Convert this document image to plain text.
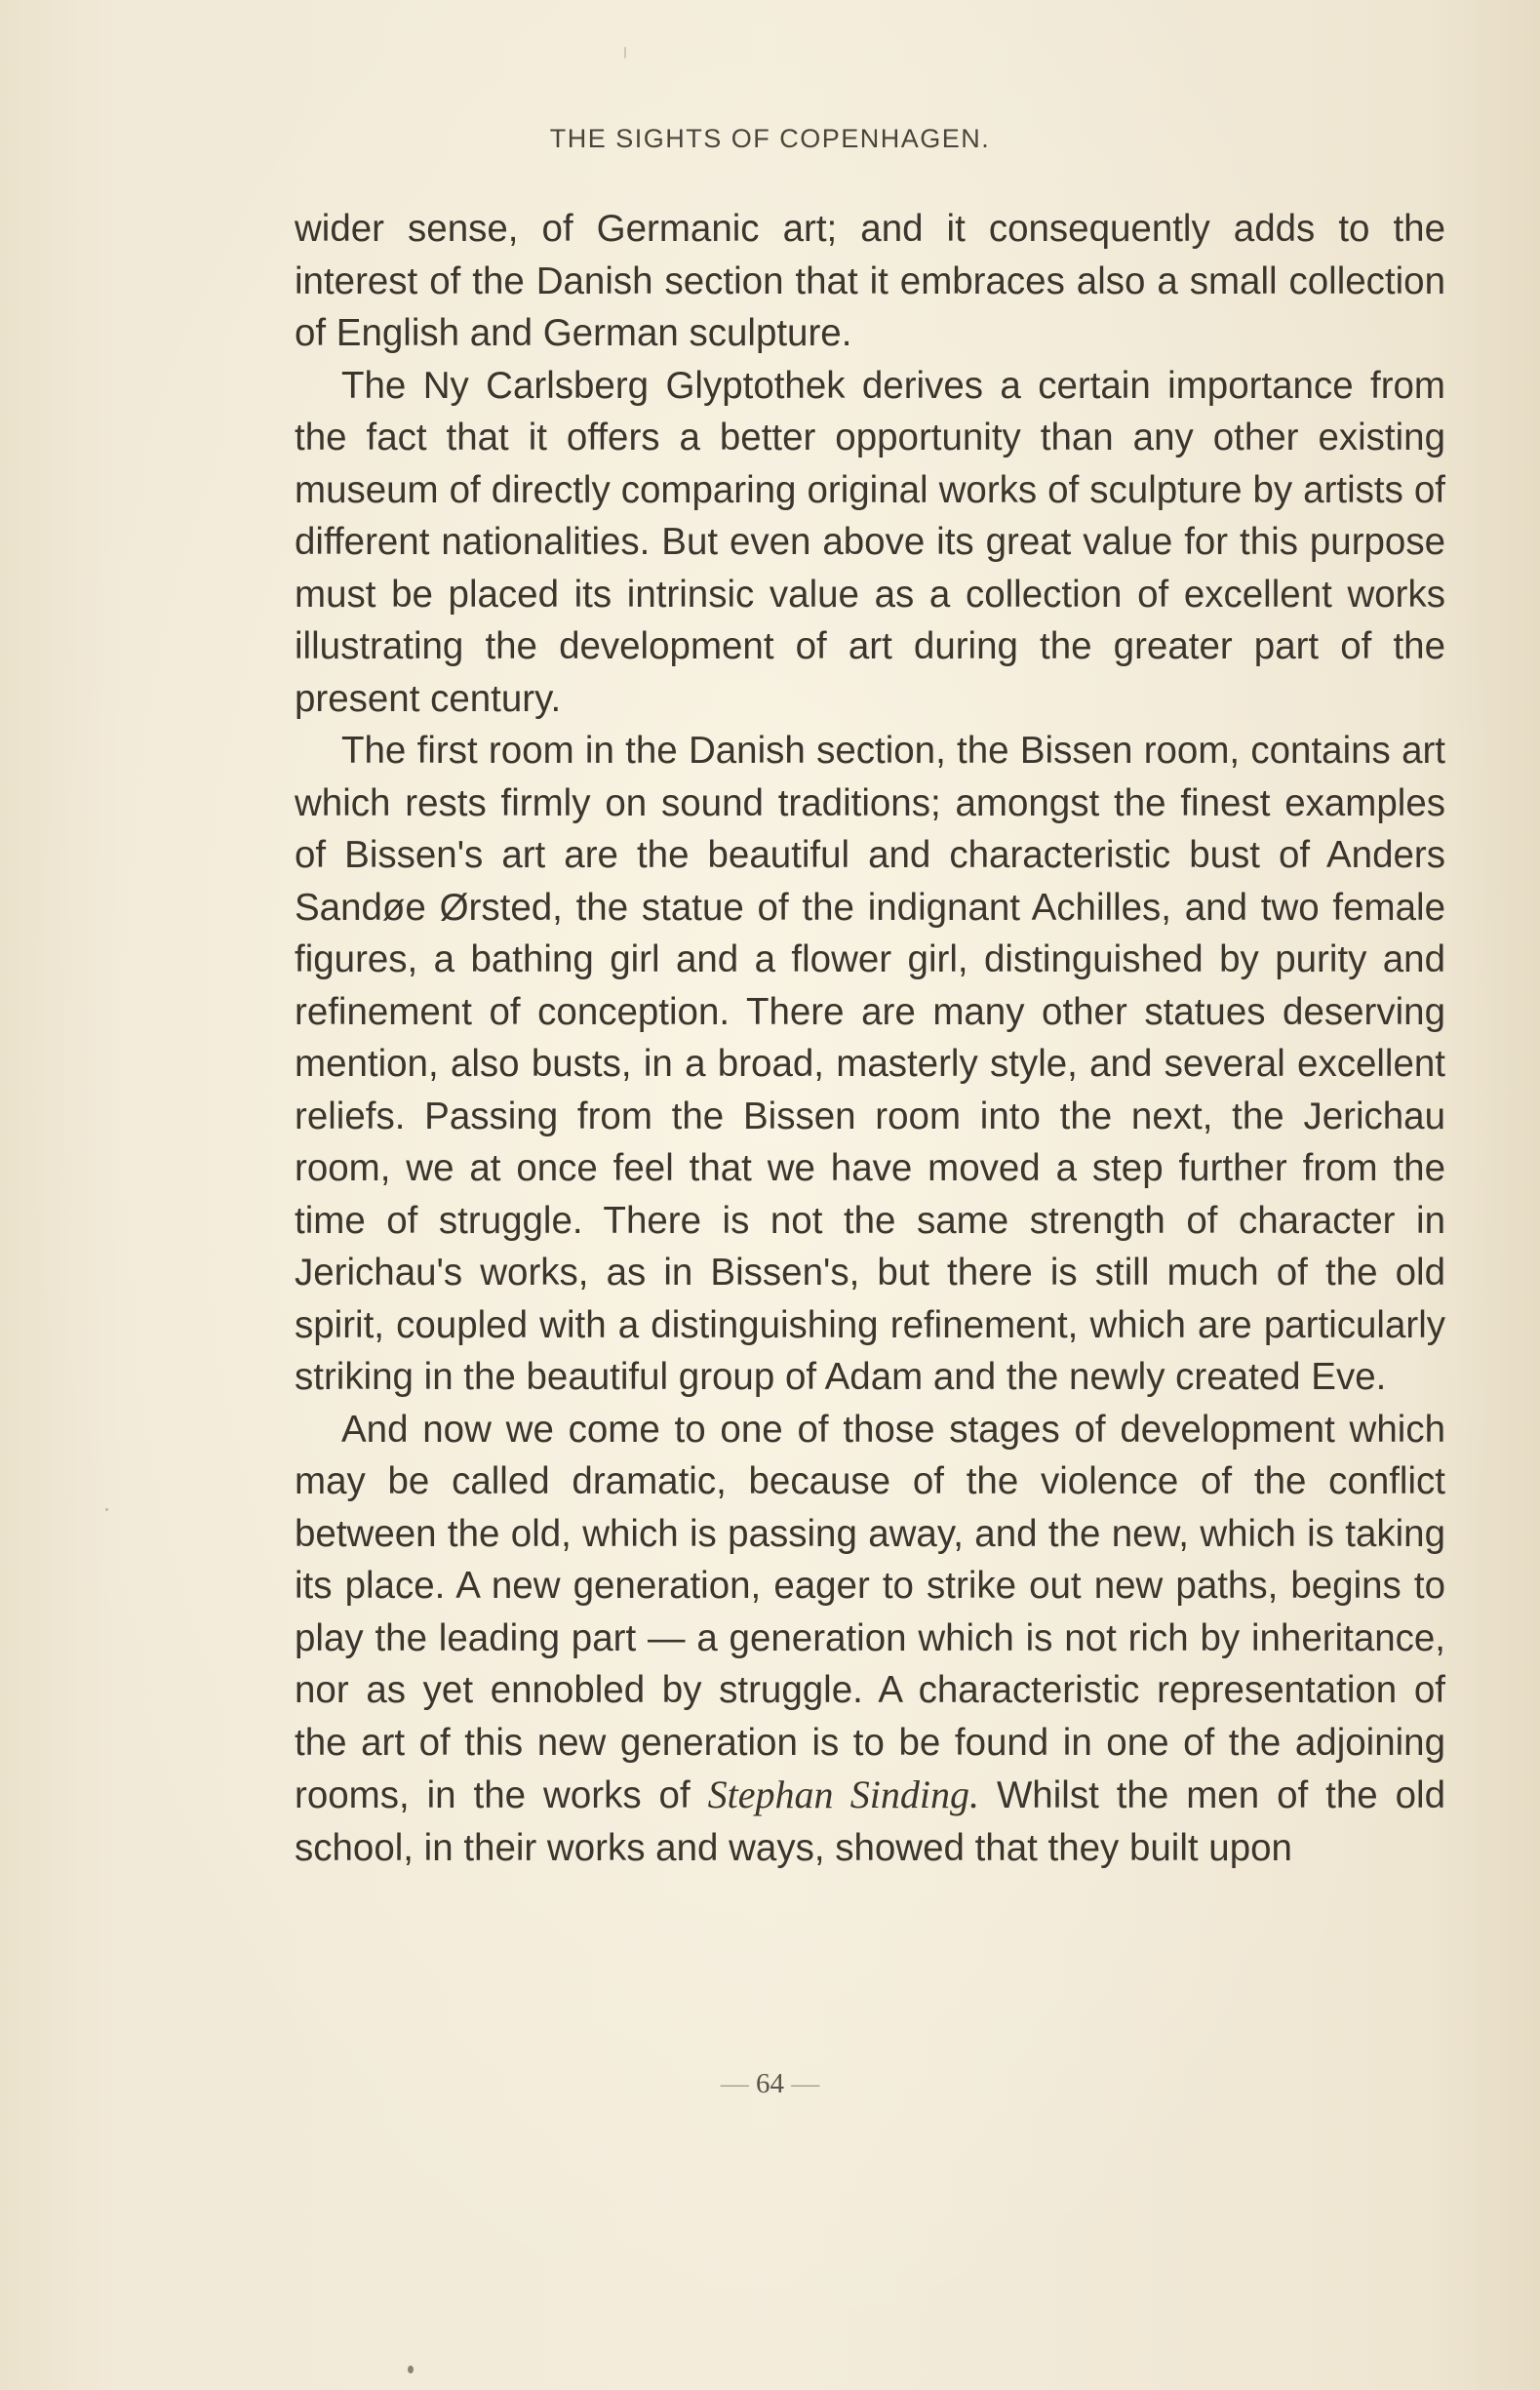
THE SIGHTS OF COPENHAGEN.

wider sense, of Germanic art; and it consequently adds to the interest of the Danish section that it embraces also a small collection of English and German sculpture.

The Ny Carlsberg Glyptothek derives a certain importance from the fact that it offers a better opportunity than any other existing museum of directly comparing original works of sculpture by artists of different nationalities. But even above its great value for this purpose must be placed its intrinsic value as a collection of excellent works illustrating the development of art during the greater part of the present century.

The first room in the Danish section, the Bissen room, contains art which rests firmly on sound traditions; amongst the finest examples of Bissen's art are the beautiful and characteristic bust of Anders Sandøe Ørsted, the statue of the indignant Achilles, and two female figures, a bathing girl and a flower girl, distinguished by purity and refinement of conception. There are many other statues deserving mention, also busts, in a broad, masterly style, and several excellent reliefs. Passing from the Bissen room into the next, the Jerichau room, we at once feel that we have moved a step further from the time of struggle. There is not the same strength of character in Jerichau's works, as in Bissen's, but there is still much of the old spirit, coupled with a distinguishing refinement, which are particularly striking in the beautiful group of Adam and the newly created Eve.

And now we come to one of those stages of development which may be called dramatic, because of the violence of the conflict between the old, which is passing away, and the new, which is taking its place. A new generation, eager to strike out new paths, begins to play the leading part — a generation which is not rich by inheritance, nor as yet ennobled by struggle. A characteristic representation of the art of this new generation is to be found in one of the adjoining rooms, in the works of Stephan Sinding. Whilst the men of the old school, in their works and ways, showed that they built upon

— 64 —
